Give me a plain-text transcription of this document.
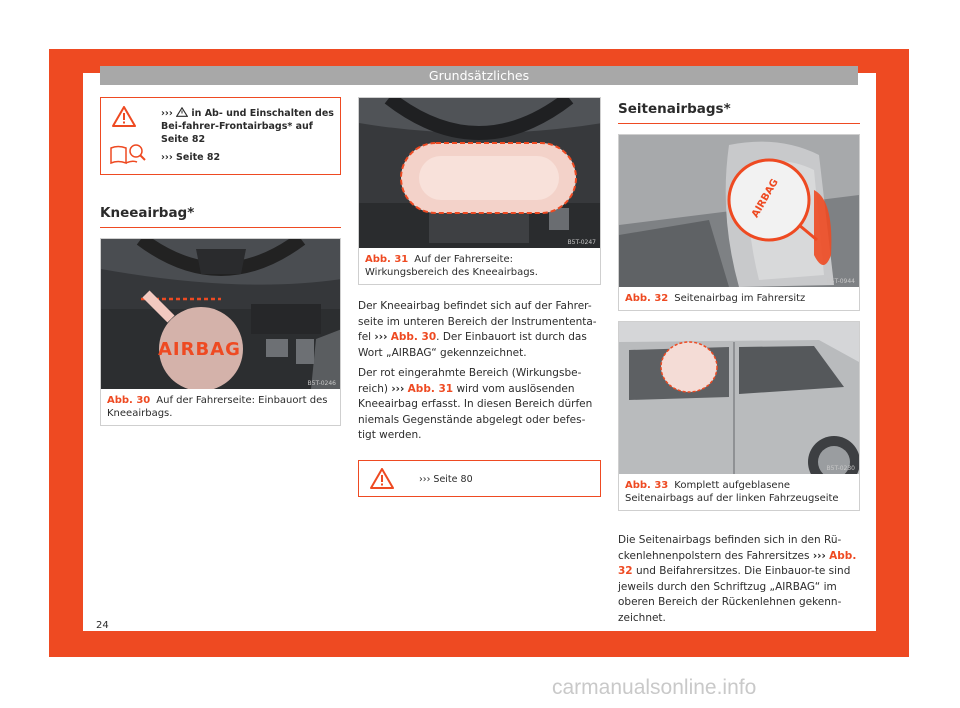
Grundsätzliches
››› in Ab- und Einschalten des Bei-fahrer-Frontairbags* auf Seite 82
››› Seite 82
Kneeairbag*
AIRBAG
B5T-0246
Abb. 30 Auf der Fahrerseite: Einbauort des Kneeairbags.
B5T-0247
Abb. 31 Auf der Fahrerseite: Wirkungsbereich des Kneeairbags.
Der Kneeairbag befindet sich auf der Fahrer-seite im unteren Bereich der Instrumententa-fel ››› Abb. 30. Der Einbauort ist durch das Wort „AIRBAG“ gekennzeichnet.
Der rot eingerahmte Bereich (Wirkungsbe-reich) ››› Abb. 31 wird vom auslösenden Kneeairbag erfasst. In diesen Bereich dürfen niemals Gegenstände abgelegt oder befes-tigt werden.
››› Seite 80
Seitenairbags*
AIRBAG
B5T-0944
Abb. 32 Seitenairbag im Fahrersitz
B5T-0230
Abb. 33 Komplett aufgeblasene Seitenairbags auf der linken Fahrzeugseite
Die Seitenairbags befinden sich in den Rü-ckenlehnenpolstern des Fahrersitzes ››› Abb. 32 und Beifahrersitzes. Die Einbauor-te sind jeweils durch den Schriftzug „AIRBAG“ im oberen Bereich der Rückenlehnen gekenn-zeichnet.
24
carmanualsonline.info
